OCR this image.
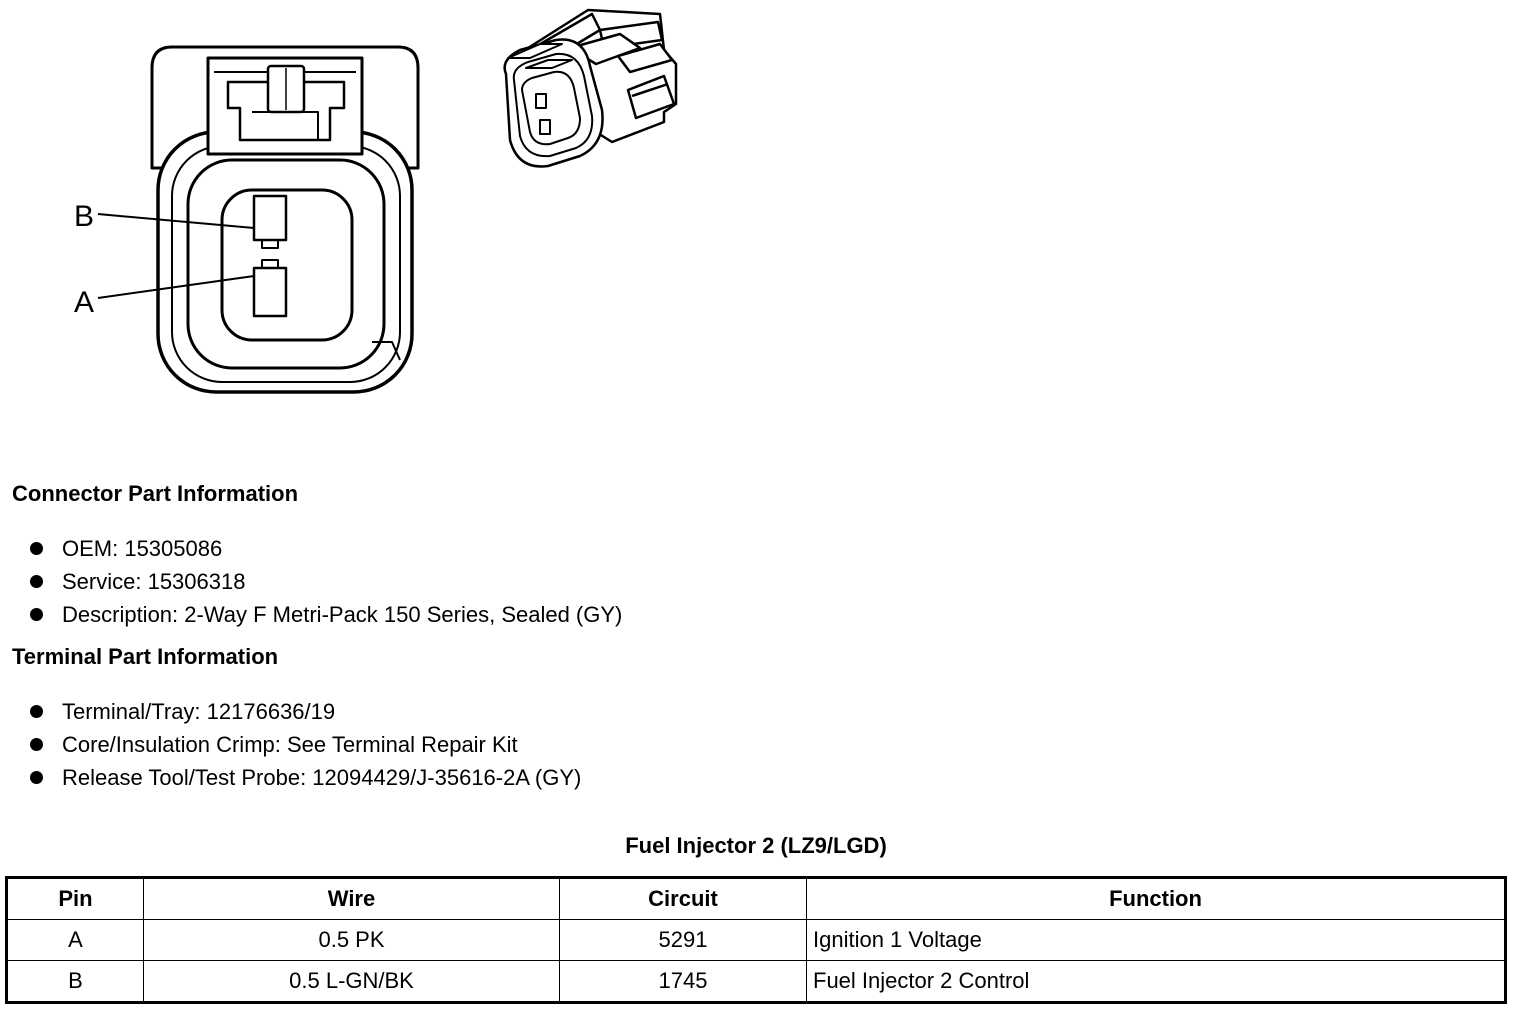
B
A
Connector Part Information
OEM: 15305086
Service: 15306318
Description: 2-Way F Metri-Pack 150 Series, Sealed (GY)
Terminal Part Information
Terminal/Tray: 12176636/19
Core/Insulation Crimp: See Terminal Repair Kit
Release Tool/Test Probe: 12094429/J-35616-2A (GY)
Fuel Injector 2 (LZ9/LGD)
Pin	Wire	Circuit	Function
A	0.5 PK	5291	Ignition 1 Voltage
B	0.5 L-GN/BK	1745	Fuel Injector 2 Control
